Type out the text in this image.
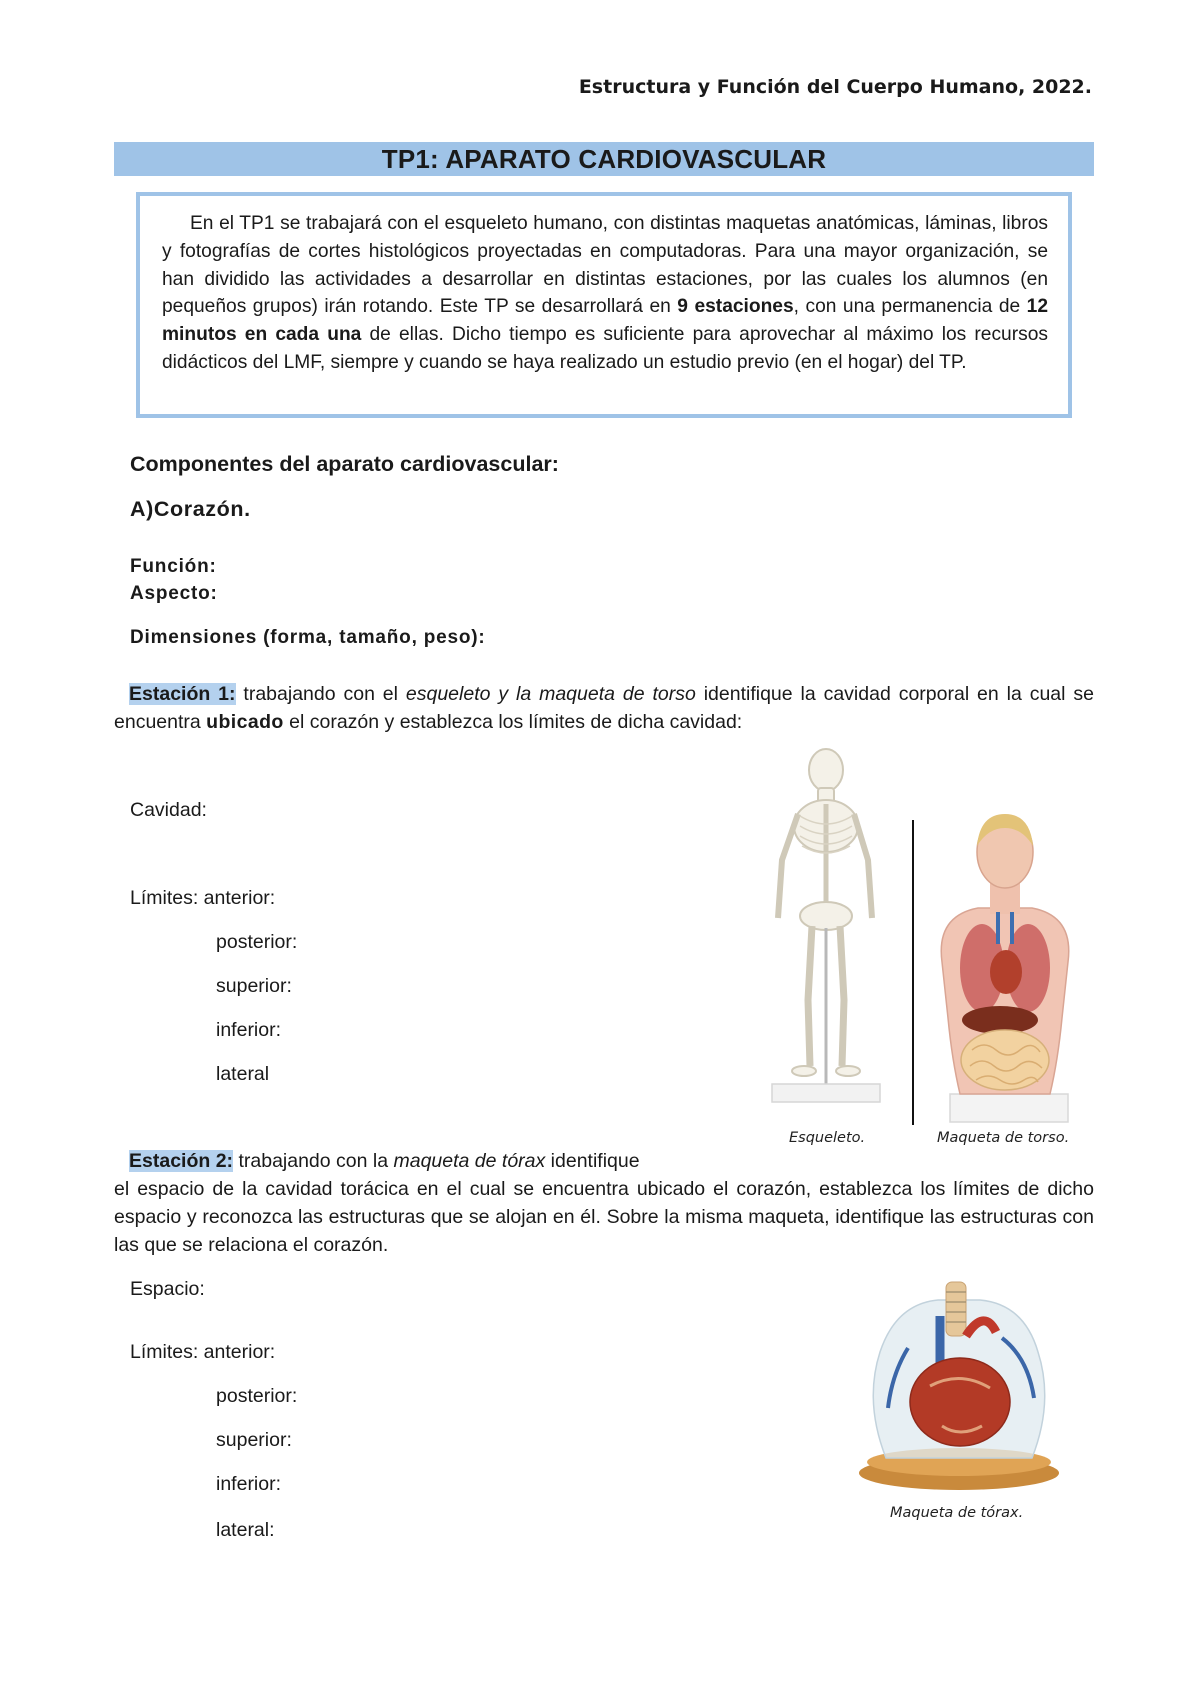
Estructura y Función del Cuerpo Humano, 2022.
TP1: APARATO CARDIOVASCULAR

En el TP1 se trabajará con el esqueleto humano, con distintas maquetas anatómicas, láminas, libros y fotografías de cortes histológicos proyectadas en computadoras. Para una mayor organización, se han dividido las actividades a desarrollar en distintas estaciones, por las cuales los alumnos (en pequeños grupos) irán rotando. Este TP se desarrollará en 9 estaciones, con una permanencia de 12 minutos en cada una de ellas. Dicho tiempo es suficiente para aprovechar al máximo los recursos didácticos del LMF, siempre y cuando se haya realizado un estudio previo (en el hogar) del TP.

Componentes del aparato cardiovascular:
A)Corazón.
Función:
Aspecto:
Dimensiones (forma, tamaño, peso):
Estación 1: trabajando con el esqueleto y la maqueta de torso identifique la cavidad corporal en la cual se encuentra ubicado el corazón y establezca los límites de dicha cavidad:
Cavidad:
Límites: anterior:
posterior:
superior:
inferior:
lateral
Esqueleto.	Maqueta de torso.
Estación 2: trabajando con la maqueta de tórax identifique
el espacio de la cavidad torácica en el cual se encuentra ubicado el corazón, establezca los límites de dicho espacio y reconozca las estructuras que se alojan en él. Sobre la misma maqueta, identifique las estructuras con las que se relaciona el corazón.
Espacio:
Límites: anterior:
posterior:
superior:
inferior:
lateral:
Maqueta de tórax.
